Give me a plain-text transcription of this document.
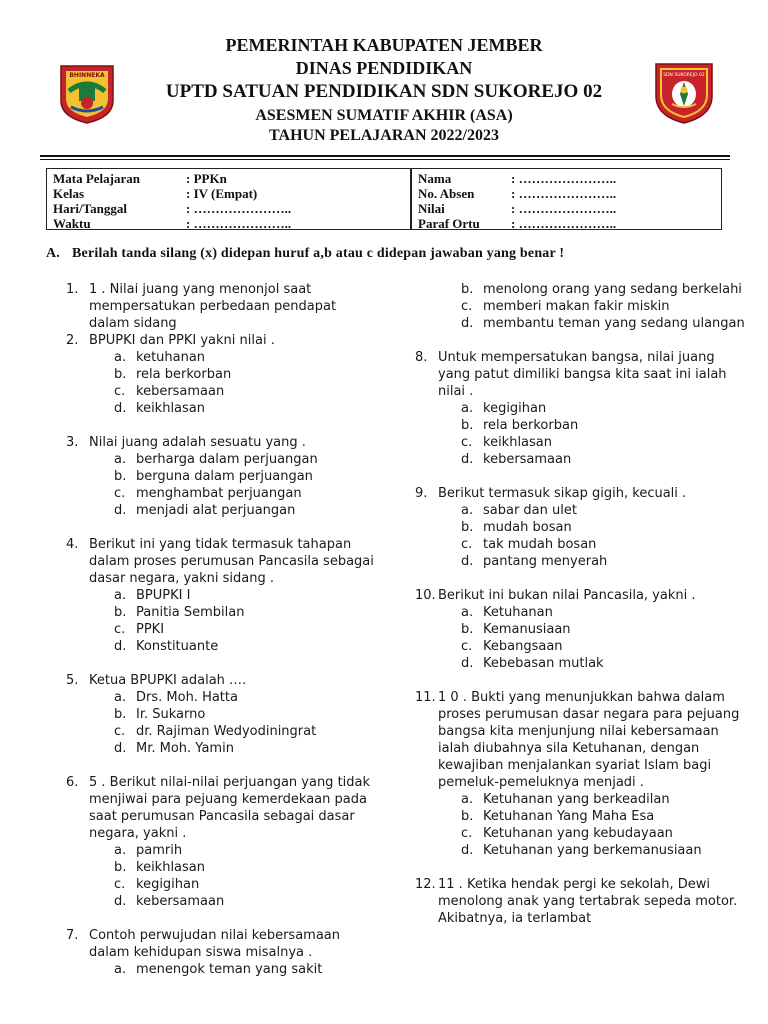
BHINNEKA	SDN SUKOREJO 02
PEMERINTAH KABUPATEN JEMBER
DINAS PENDIDIKAN
UPTD SATUAN PENDIDIKAN SDN SUKOREJO 02
ASESMEN SUMATIF AKHIR (ASA)
TAHUN PELAJARAN 2022/2023
Mata Pelajaran	: PPKn
Kelas	: IV (Empat)
Hari/Tanggal	: …………………..
Waktu	: …………………..
Nama	: …………………..
No. Absen	: …………………..
Nilai	: …………………..
Paraf Ortu	: …………………..
A. Berilah tanda silang (x) didepan huruf a,b atau c didepan jawaban yang benar !
1. 1 . Nilai juang yang menonjol saat mempersatukan perbedaan pendapat dalam sidang
2. BPUPKI dan PPKI yakni nilai .
a. ketuhanan
b. rela berkorban
c. kebersamaan
d. keikhlasan
3. Nilai juang adalah sesuatu yang .
a. berharga dalam perjuangan
b. berguna dalam perjuangan
c. menghambat perjuangan
d. menjadi alat perjuangan
4. Berikut ini yang tidak termasuk tahapan dalam proses perumusan Pancasila sebagai dasar negara, yakni sidang .
a. BPUPKI I
b. Panitia Sembilan
c. PPKI
d. Konstituante
5. Ketua BPUPKI adalah ….
a. Drs. Moh. Hatta
b. Ir. Sukarno
c. dr. Rajiman Wedyodiningrat
d. Mr. Moh. Yamin
6. 5 . Berikut nilai-nilai perjuangan yang tidak menjiwai para pejuang kemerdekaan pada saat perumusan Pancasila sebagai dasar negara, yakni .
a. pamrih
b. keikhlasan
c. kegigihan
d. kebersamaan
7. Contoh perwujudan nilai kebersamaan dalam kehidupan siswa misalnya .
a. menengok teman yang sakit
b. menolong orang yang sedang berkelahi
c. memberi makan fakir miskin
d. membantu teman yang sedang ulangan
8. Untuk mempersatukan bangsa, nilai juang yang patut dimiliki bangsa kita saat ini ialah nilai .
a. kegigihan
b. rela berkorban
c. keikhlasan
d. kebersamaan
9. Berikut termasuk sikap gigih, kecuali .
a. sabar dan ulet
b. mudah bosan
c. tak mudah bosan
d. pantang menyerah
10. Berikut ini bukan nilai Pancasila, yakni .
a. Ketuhanan
b. Kemanusiaan
c. Kebangsaan
d. Kebebasan mutlak
11. 1 0 . Bukti yang menunjukkan bahwa dalam proses perumusan dasar negara para pejuang bangsa kita menjunjung nilai kebersamaan ialah diubahnya sila Ketuhanan, dengan kewajiban menjalankan syariat Islam bagi pemeluk-pemeluknya menjadi .
a. Ketuhanan yang berkeadilan
b. Ketuhanan Yang Maha Esa
c. Ketuhanan yang kebudayaan
d. Ketuhanan yang berkemanusiaan
12. 11 . Ketika hendak pergi ke sekolah, Dewi menolong anak yang tertabrak sepeda motor. Akibatnya, ia terlambat
